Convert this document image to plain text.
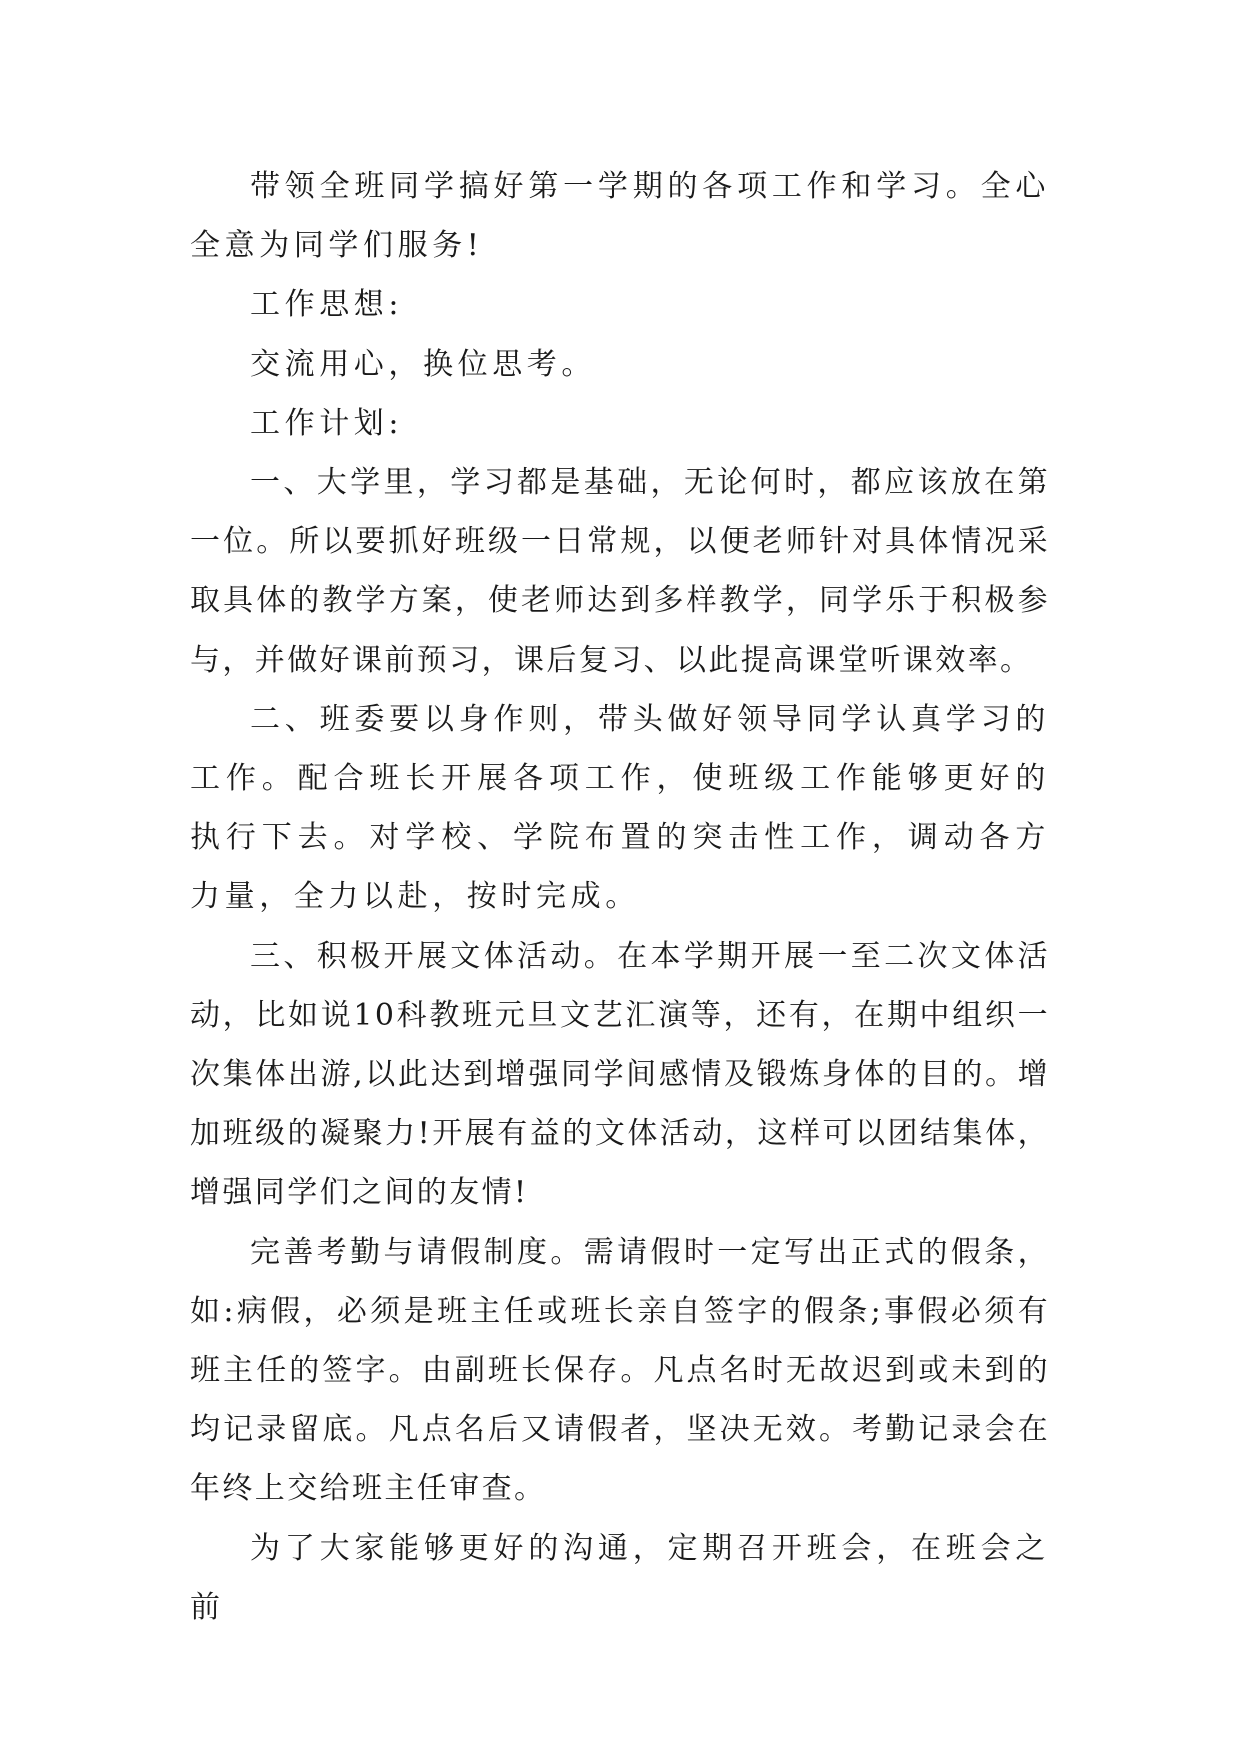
带领全班同学搞好第一学期的各项工作和学习。全心全意为同学们服务!

工作思想:

交流用心，换位思考。

工作计划:

一、大学里，学习都是基础，无论何时，都应该放在第一位。所以要抓好班级一日常规，以便老师针对具体情况采取具体的教学方案，使老师达到多样教学，同学乐于积极参与，并做好课前预习，课后复习、以此提高课堂听课效率。

二、班委要以身作则，带头做好领导同学认真学习的工作。配合班长开展各项工作，使班级工作能够更好的执行下去。对学校、学院布置的突击性工作，调动各方力量，全力以赴，按时完成。

三、积极开展文体活动。在本学期开展一至二次文体活动，比如说10科教班元旦文艺汇演等，还有，在期中组织一次集体出游,以此达到增强同学间感情及锻炼身体的目的。增加班级的凝聚力!开展有益的文体活动，这样可以团结集体，增强同学们之间的友情!

完善考勤与请假制度。需请假时一定写出正式的假条，如:病假，必须是班主任或班长亲自签字的假条;事假必须有班主任的签字。由副班长保存。凡点名时无故迟到或未到的均记录留底。凡点名后又请假者，坚决无效。考勤记录会在年终上交给班主任审查。

为了大家能够更好的沟通，定期召开班会，在班会之前
